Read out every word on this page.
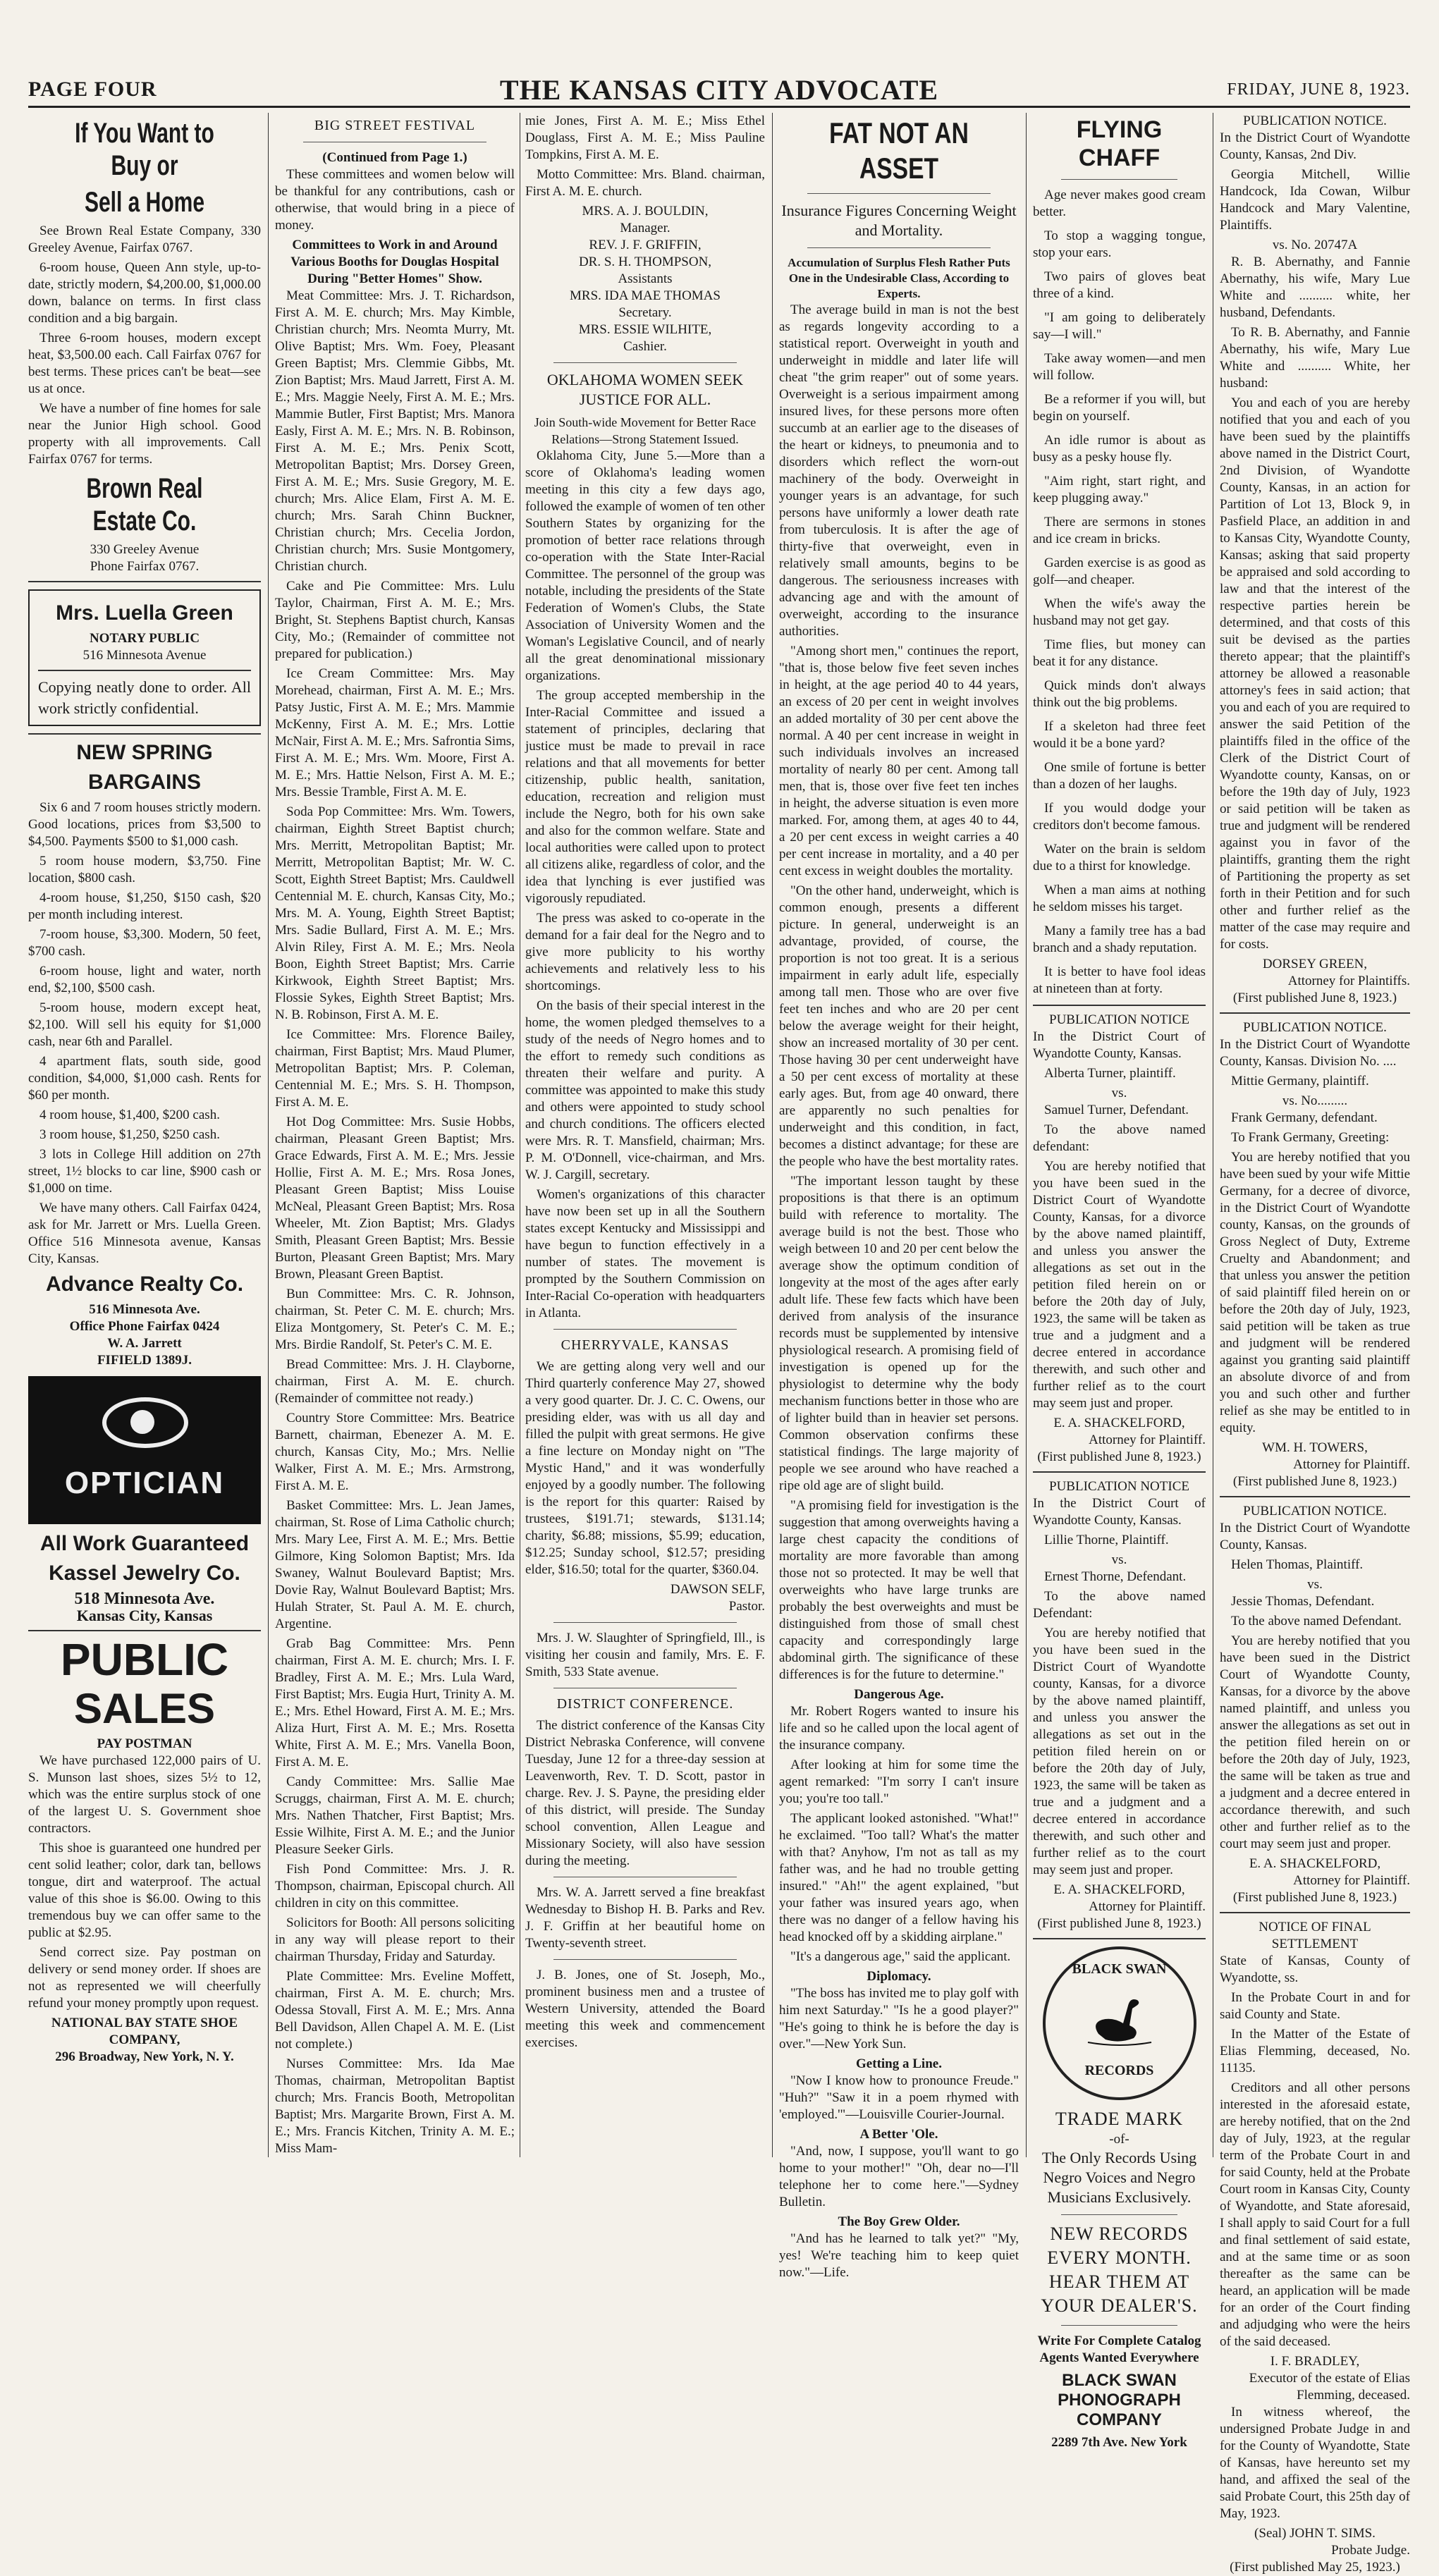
PAGE FOUR	THE KANSAS CITY ADVOCATE	FRIDAY, JUNE 8, 1923.
If You Want to Buy or
Sell a Home

See Brown Real Estate Company, 330 Greeley Avenue, Fairfax 0767.

6-room house, Queen Ann style, up-to-date, strictly modern, $4,200.00, $1,000.00 down, balance on terms. In first class condition and a big bargain.

Three 6-room houses, modern except heat, $3,500.00 each. Call Fairfax 0767 for best terms. These prices can't be beat—see us at once.

We have a number of fine homes for sale near the Junior High school. Good property with all improvements. Call Fairfax 0767 for terms.

Brown Real Estate Co.
330 Greeley Avenue
Phone Fairfax 0767.
Mrs. Luella Green
NOTARY PUBLIC
516 Minnesota Avenue
Copying neatly done to order. All work strictly confidential.
NEW SPRING
BARGAINS

Six 6 and 7 room houses strictly modern. Good locations, prices from $3,500 to $4,500. Payments $500 to $1,000 cash.

5 room house modern, $3,750. Fine location, $800 cash.

4-room house, $1,250, $150 cash, $20 per month including interest.

7-room house, $3,300. Modern, 50 feet, $700 cash.

6-room house, light and water, north end, $2,100, $500 cash.

5-room house, modern except heat, $2,100. Will sell his equity for $1,000 cash, near 6th and Parallel.

4 apartment flats, south side, good condition, $4,000, $1,000 cash. Rents for $60 per month.

4 room house, $1,400, $200 cash.

3 room house, $1,250, $250 cash.

3 lots in College Hill addition on 27th street, 1½ blocks to car line, $900 cash or $1,000 on time.

We have many others. Call Fairfax 0424, ask for Mr. Jarrett or Mrs. Luella Green. Office 516 Minnesota avenue, Kansas City, Kansas.

Advance Realty Co.
516 Minnesota Ave.
Office Phone Fairfax 0424
W. A. Jarrett
FIFIELD 1389J.
OPTICIAN
All Work Guaranteed
Kassel Jewelry Co.
518 Minnesota Ave.
Kansas City, Kansas
PUBLIC
SALES
PAY POSTMAN

We have purchased 122,000 pairs of U. S. Munson last shoes, sizes 5½ to 12, which was the entire surplus stock of one of the largest U. S. Government shoe contractors.

This shoe is guaranteed one hundred per cent solid leather; color, dark tan, bellows tongue, dirt and waterproof. The actual value of this shoe is $6.00. Owing to this tremendous buy we can offer same to the public at $2.95.

Send correct size. Pay postman on delivery or send money order. If shoes are not as represented we will cheerfully refund your money promptly upon request.

NATIONAL BAY STATE SHOE COMPANY,
296 Broadway, New York, N. Y.
BIG STREET FESTIVAL
(Continued from Page 1.)

These committees and women below will be thankful for any contributions, cash or otherwise, that would bring in a piece of money.

Committees to Work in and Around Various Booths for Douglas Hospital During "Better Homes" Show.

Meat Committee: Mrs. J. T. Richardson, First A. M. E. church; Mrs. May Kimble, Christian church; Mrs. Neomta Murry, Mt. Olive Baptist; Mrs. Wm. Foey, Pleasant Green Baptist; Mrs. Clemmie Gibbs, Mt. Zion Baptist; Mrs. Maud Jarrett, First A. M. E.; Mrs. Maggie Neely, First A. M. E.; Mrs. Mammie Butler, First Baptist; Mrs. Manora Easly, First A. M. E.; Mrs. N. B. Robinson, First A. M. E.; Mrs. Penix Scott, Metropolitan Baptist; Mrs. Dorsey Green, First A. M. E.; Mrs. Susie Gregory, M. E. church; Mrs. Alice Elam, First A. M. E. church; Mrs. Sarah Chinn Buckner, Christian church; Mrs. Cecelia Jordon, Christian church; Mrs. Susie Montgomery, Christian church.

Cake and Pie Committee: Mrs. Lulu Taylor, Chairman, First A. M. E.; Mrs. Bright, St. Stephens Baptist church, Kansas City, Mo.; (Remainder of committee not prepared for publication.)

Ice Cream Committee: Mrs. May Morehead, chairman, First A. M. E.; Mrs. Patsy Justic, First A. M. E.; Mrs. Mammie McKenny, First A. M. E.; Mrs. Lottie McNair, First A. M. E.; Mrs. Safrontia Sims, First A. M. E.; Mrs. Wm. Moore, First A. M. E.; Mrs. Hattie Nelson, First A. M. E.; Mrs. Bessie Tramble, First A. M. E.

Soda Pop Committee: Mrs. Wm. Towers, chairman, Eighth Street Baptist church; Mrs. Merritt, Metropolitan Baptist; Mr. Merritt, Metropolitan Baptist; Mr. W. C. Scott, Eighth Street Baptist; Mrs. Cauldwell Centennial M. E. church, Kansas City, Mo.; Mrs. M. A. Young, Eighth Street Baptist; Mrs. Sadie Bullard, First A. M. E.; Mrs. Alvin Riley, First A. M. E.; Mrs. Neola Boon, Eighth Street Baptist; Mrs. Carrie Kirkwook, Eighth Street Baptist; Mrs. Flossie Sykes, Eighth Street Baptist; Mrs. N. B. Robinson, First A. M. E.

Ice Committee: Mrs. Florence Bailey, chairman, First Baptist; Mrs. Maud Plumer, Metropolitan Baptist; Mrs. P. Coleman, Centennial M. E.; Mrs. S. H. Thompson, First A. M. E.

Hot Dog Committee: Mrs. Susie Hobbs, chairman, Pleasant Green Baptist; Mrs. Grace Edwards, First A. M. E.; Mrs. Jessie Hollie, First A. M. E.; Mrs. Rosa Jones, Pleasant Green Baptist; Miss Louise McNeal, Pleasant Green Baptist; Mrs. Rosa Wheeler, Mt. Zion Baptist; Mrs. Gladys Smith, Pleasant Green Baptist; Mrs. Bessie Burton, Pleasant Green Baptist; Mrs. Mary Brown, Pleasant Green Baptist.

Bun Committee: Mrs. C. R. Johnson, chairman, St. Peter C. M. E. church; Mrs. Eliza Montgomery, St. Peter's C. M. E.; Mrs. Birdie Randolf, St. Peter's C. M. E.

Bread Committee: Mrs. J. H. Clayborne, chairman, First A. M. E. church. (Remainder of committee not ready.)

Country Store Committee: Mrs. Beatrice Barnett, chairman, Ebenezer A. M. E. church, Kansas City, Mo.; Mrs. Nellie Walker, First A. M. E.; Mrs. Armstrong, First A. M. E.

Basket Committee: Mrs. L. Jean James, chairman, St. Rose of Lima Catholic church; Mrs. Mary Lee, First A. M. E.; Mrs. Bettie Gilmore, King Solomon Baptist; Mrs. Ida Swaney, Walnut Boulevard Baptist; Mrs. Dovie Ray, Walnut Boulevard Baptist; Mrs. Hulah Strater, St. Paul A. M. E. church, Argentine.

Grab Bag Committee: Mrs. Penn chairman, First A. M. E. church; Mrs. I. F. Bradley, First A. M. E.; Mrs. Lula Ward, First Baptist; Mrs. Eugia Hurt, Trinity A. M. E.; Mrs. Ethel Howard, First A. M. E.; Mrs. Aliza Hurt, First A. M. E.; Mrs. Rosetta White, First A. M. E.; Mrs. Vanella Boon, First A. M. E.

Candy Committee: Mrs. Sallie Mae Scruggs, chairman, First A. M. E. church; Mrs. Nathen Thatcher, First Baptist; Mrs. Essie Wilhite, First A. M. E.; and the Junior Pleasure Seeker Girls.

Fish Pond Committee: Mrs. J. R. Thompson, chairman, Episcopal church. All children in city on this committee.

Solicitors for Booth: All persons soliciting in any way will please report to their chairman Thursday, Friday and Saturday.

Plate Committee: Mrs. Eveline Moffett, chairman, First A. M. E. church; Mrs. Odessa Stovall, First A. M. E.; Mrs. Anna Bell Davidson, Allen Chapel A. M. E. (List not complete.)

Nurses Committee: Mrs. Ida Mae Thomas, chairman, Metropolitan Baptist church; Mrs. Francis Booth, Metropolitan Baptist; Mrs. Margarite Brown, First A. M. E.; Mrs. Francis Kitchen, Trinity A. M. E.; Miss Mam-

mie Jones, First A. M. E.; Miss Ethel Douglass, First A. M. E.; Miss Pauline Tompkins, First A. M. E.

Motto Committee: Mrs. Bland. chairman, First A. M. E. church.

MRS. A. J. BOULDIN,
Manager.
REV. J. F. GRIFFIN,
DR. S. H. THOMPSON,
Assistants
MRS. IDA MAE THOMAS
Secretary.
MRS. ESSIE WILHITE,
Cashier.
OKLAHOMA WOMEN SEEK JUSTICE FOR ALL.
Join South-wide Movement for Better Race Relations—Strong Statement Issued.

Oklahoma City, June 5.—More than a score of Oklahoma's leading women meeting in this city a few days ago, followed the example of women of ten other Southern States by organizing for the promotion of better race relations through co-operation with the State Inter-Racial Committee. The personnel of the group was notable, including the presidents of the State Federation of Women's Clubs, the State Association of University Women and the Woman's Legislative Council, and of nearly all the great denominational missionary organizations.

The group accepted membership in the Inter-Racial Committee and issued a statement of principles, declaring that justice must be made to prevail in race relations and that all movements for better citizenship, public health, sanitation, education, recreation and religion must include the Negro, both for his own sake and also for the common welfare. State and local authorities were called upon to protect all citizens alike, regardless of color, and the idea that lynching is ever justified was vigorously repudiated.

The press was asked to co-operate in the demand for a fair deal for the Negro and to give more publicity to his worthy achievements and relatively less to his shortcomings.

On the basis of their special interest in the home, the women pledged themselves to a study of the needs of Negro homes and to the effort to remedy such conditions as threaten their welfare and purity. A committee was appointed to make this study and others were appointed to study school and church conditions. The officers elected were Mrs. R. T. Mansfield, chairman; Mrs. P. M. O'Donnell, vice-chairman, and Mrs. W. J. Cargill, secretary.

Women's organizations of this character have now been set up in all the Southern states except Kentucky and Mississippi and have begun to function effectively in a number of states. The movement is prompted by the Southern Commission on Inter-Racial Co-operation with headquarters in Atlanta.

CHERRYVALE, KANSAS

We are getting along very well and our Third quarterly conference May 27, showed a very good quarter. Dr. J. C. C. Owens, our presiding elder, was with us all day and filled the pulpit with great sermons. He give a fine lecture on Monday night on "The Mystic Hand," and it was wonderfully enjoyed by a goodly number. The following is the report for this quarter: Raised by trustees, $191.71; stewards, $131.14; charity, $6.88; missions, $5.99; education, $12.25; Sunday school, $12.57; presiding elder, $16.50; total for the quarter, $360.04.

DAWSON SELF,
Pastor.

Mrs. J. W. Slaughter of Springfield, Ill., is visiting her cousin and family, Mrs. E. F. Smith, 533 State avenue.

DISTRICT CONFERENCE.

The district conference of the Kansas City District Nebraska Conference, will convene Tuesday, June 12 for a three-day session at Leavenworth, Rev. T. D. Scott, pastor in charge. Rev. J. S. Payne, the presiding elder of this district, will preside. The Sunday school convention, Allen League and Missionary Society, will also have session during the meeting.

Mrs. W. A. Jarrett served a fine breakfast Wednesday to Bishop H. B. Parks and Rev. J. F. Griffin at her beautiful home on Twenty-seventh street.

J. B. Jones, one of St. Joseph, Mo., prominent business men and a trustee of Western University, attended the Board meeting this week and commencement exercises.

FAT NOT AN ASSET
Insurance Figures Concerning Weight and Mortality.
Accumulation of Surplus Flesh Rather Puts One in the Undesirable Class, According to Experts.

The average build in man is not the best as regards longevity according to a statistical report. Overweight in youth and underweight in middle and later life will cheat "the grim reaper" out of some years. Overweight is a serious impairment among insured lives, for these persons more often succumb at an earlier age to the diseases of the heart or kidneys, to pneumonia and to disorders which reflect the worn-out machinery of the body. Overweight in younger years is an advantage, for such persons have uniformly a lower death rate from tuberculosis. It is after the age of thirty-five that overweight, even in relatively small amounts, begins to be dangerous. The seriousness increases with advancing age and with the amount of overweight, according to the insurance authorities.

"Among short men," continues the report, "that is, those below five feet seven inches in height, at the age period 40 to 44 years, an excess of 20 per cent in weight involves an added mortality of 30 per cent above the normal. A 40 per cent increase in weight in such individuals involves an increased mortality of nearly 80 per cent. Among tall men, that is, those over five feet ten inches in height, the adverse situation is even more marked. For, among them, at ages 40 to 44, a 20 per cent excess in weight carries a 40 per cent increase in mortality, and a 40 per cent excess in weight doubles the mortality.

"On the other hand, underweight, which is common enough, presents a different picture. In general, underweight is an advantage, provided, of course, the proportion is not too great. It is a serious impairment in early adult life, especially among tall men. Those who are over five feet ten inches and who are 20 per cent below the average weight for their height, show an increased mortality of 30 per cent. Those having 30 per cent underweight have a 50 per cent excess of mortality at these early ages. But, from age 40 onward, there are apparently no such penalties for underweight and this condition, in fact, becomes a distinct advantage; for these are the people who have the best mortality rates.

"The important lesson taught by these propositions is that there is an optimum build with reference to mortality. The average build is not the best. Those who weigh between 10 and 20 per cent below the average show the optimum condition of longevity at the most of the ages after early adult life. These few facts which have been derived from analysis of the insurance records must be supplemented by intensive physiological research. A promising field of investigation is opened up for the physiologist to determine why the body mechanism functions better in those who are of lighter build than in heavier set persons. Common observation confirms these statistical findings. The large majority of people we see around who have reached a ripe old age are of slight build.

"A promising field for investigation is the suggestion that among overweights having a large chest capacity the conditions of mortality are more favorable than among those not so protected. It may be well that overweights who have large trunks are probably the best overweights and must be distinguished from those of small chest capacity and correspondingly large abdominal girth. The significance of these differences is for the future to determine."

Dangerous Age.

Mr. Robert Rogers wanted to insure his life and so he called upon the local agent of the insurance company.

After looking at him for some time the agent remarked: "I'm sorry I can't insure you; you're too tall."

The applicant looked astonished. "What!" he exclaimed. "Too tall? What's the matter with that? Anyhow, I'm not as tall as my father was, and he had no trouble getting insured." "Ah!" the agent explained, "but your father was insured years ago, when there was no danger of a fellow having his head knocked off by a skidding airplane."

"It's a dangerous age," said the applicant.

Diplomacy.

"The boss has invited me to play golf with him next Saturday." "Is he a good player?" "He's going to think he is before the day is over."—New York Sun.

Getting a Line.

"Now I know how to pronounce Freude." "Huh?" "Saw it in a poem rhymed with 'employed.'"—Louisville Courier-Journal.

A Better 'Ole.

"And, now, I suppose, you'll want to go home to your mother!" "Oh, dear no—I'll telephone her to come here."—Sydney Bulletin.

The Boy Grew Older.

"And has he learned to talk yet?" "My, yes! We're teaching him to keep quiet now."—Life.

FLYING CHAFF

Age never makes good cream better.

To stop a wagging tongue, stop your ears.

Two pairs of gloves beat three of a kind.

"I am going to deliberately say—I will."

Take away women—and men will follow.

Be a reformer if you will, but begin on yourself.

An idle rumor is about as busy as a pesky house fly.

"Aim right, start right, and keep plugging away."

There are sermons in stones and ice cream in bricks.

Garden exercise is as good as golf—and cheaper.

When the wife's away the husband may not get gay.

Time flies, but money can beat it for any distance.

Quick minds don't always think out the big problems.

If a skeleton had three feet would it be a bone yard?

One smile of fortune is better than a dozen of her laughs.

If you would dodge your creditors don't become famous.

Water on the brain is seldom due to a thirst for knowledge.

When a man aims at nothing he seldom misses his target.

Many a family tree has a bad branch and a shady reputation.

It is better to have fool ideas at nineteen than at forty.

PUBLICATION NOTICE

In the District Court of Wyandotte County, Kansas.

Alberta Turner, plaintiff.

vs.

Samuel Turner, Defendant.

To the above named defendant:

You are hereby notified that you have been sued in the District Court of Wyandotte County, Kansas, for a divorce by the above named plaintiff, and unless you answer the allegations as set out in the petition filed herein on or before the 20th day of July, 1923, the same will be taken as true and a judgment and a decree entered in accordance therewith, and such other and further relief as to the court may seem just and proper.

E. A. SHACKELFORD,
Attorney for Plaintiff.
(First published June 8, 1923.)
PUBLICATION NOTICE

In the District Court of Wyandotte County, Kansas.

Lillie Thorne, Plaintiff.

vs.

Ernest Thorne, Defendant.

To the above named Defendant:

You are hereby notified that you have been sued in the District Court of Wyandotte county, Kansas, for a divorce by the above named plaintiff, and unless you answer the allegations as set out in the petition filed herein on or before the 20th day of July, 1923, the same will be taken as true and a judgment and a decree entered in accordance therewith, and such other and further relief as to the court may seem just and proper.

E. A. SHACKELFORD,
Attorney for Plaintiff.
(First published June 8, 1923.)
BLACK SWAN
RECORDS
TRADE MARK
-of-
The Only Records Using Negro Voices and Negro Musicians Exclusively.
NEW RECORDS EVERY MONTH. HEAR THEM AT YOUR DEALER'S.
Write For Complete Catalog
Agents Wanted Everywhere
BLACK SWAN PHONOGRAPH COMPANY
2289 7th Ave. New York
PUBLICATION NOTICE.

In the District Court of Wyandotte County, Kansas, 2nd Div.

Georgia Mitchell, Willie Handcock, Ida Cowan, Wilbur Handcock and Mary Valentine, Plaintiffs.

vs. No. 20747A

R. B. Abernathy, and Fannie Abernathy, his wife, Mary Lue White and .......... white, her husband, Defendants.

To R. B. Abernathy, and Fannie Abernathy, his wife, Mary Lue White and .......... White, her husband:

You and each of you are hereby notified that you and each of you have been sued by the plaintiffs above named in the District Court, 2nd Division, of Wyandotte County, Kansas, in an action for Partition of Lot 13, Block 9, in Pasfield Place, an addition in and to Kansas City, Wyandotte County, Kansas; asking that said property be appraised and sold according to law and that the interest of the respective parties herein be determined, and that costs of this suit be devised as the parties thereto appear; that the plaintiff's attorney be allowed a reasonable attorney's fees in said action; that you and each of you are required to answer the said Petition of the plaintiffs filed in the office of the Clerk of the District Court of Wyandotte county, Kansas, on or before the 19th day of July, 1923 or said petition will be taken as true and judgment will be rendered against you in favor of the plaintiffs, granting them the right of Partitioning the property as set forth in their Petition and for such other and further relief as the matter of the case may require and for costs.

DORSEY GREEN,
Attorney for Plaintiffs.
(First published June 8, 1923.)
PUBLICATION NOTICE.

In the District Court of Wyandotte County, Kansas. Division No. ....

Mittie Germany, plaintiff.

vs. No.........

Frank Germany, defendant.

To Frank Germany, Greeting:

You are hereby notified that you have been sued by your wife Mittie Germany, for a decree of divorce, in the District Court of Wyandotte county, Kansas, on the grounds of Gross Neglect of Duty, Extreme Cruelty and Abandonment; and that unless you answer the petition of said plaintiff filed herein on or before the 20th day of July, 1923, said petition will be taken as true and judgment will be rendered against you granting said plaintiff an absolute divorce of and from you and such other and further relief as she may be entitled to in equity.

WM. H. TOWERS,
Attorney for Plaintiff.
(First published June 8, 1923.)
PUBLICATION NOTICE.

In the District Court of Wyandotte County, Kansas.

Helen Thomas, Plaintiff.

vs.

Jessie Thomas, Defendant.

To the above named Defendant.

You are hereby notified that you have been sued in the District Court of Wyandotte County, Kansas, for a divorce by the above named plaintiff, and unless you answer the allegations as set out in the petition filed herein on or before the 20th day of July, 1923, the same will be taken as true and a judgment and a decree entered in accordance therewith, and such other and further relief as to the court may seem just and proper.

E. A. SHACKELFORD,
Attorney for Plaintiff.
(First published June 8, 1923.)
NOTICE OF FINAL SETTLEMENT

State of Kansas, County of Wyandotte, ss.

In the Probate Court in and for said County and State.

In the Matter of the Estate of Elias Flemming, deceased, No. 11135.

Creditors and all other persons interested in the aforesaid estate, are hereby notified, that on the 2nd day of July, 1923, at the regular term of the Probate Court in and for said County, held at the Probate Court room in Kansas City, County of Wyandotte, and State aforesaid, I shall apply to said Court for a full and final settlement of said estate, and at the same time or as soon thereafter as the same can be heard, an application will be made for an order of the Court finding and adjudging who were the heirs of the said deceased.

I. F. BRADLEY,
Executor of the estate of Elias Flemming, deceased.

In witness whereof, the undersigned Probate Judge in and for the County of Wyandotte, State of Kansas, have hereunto set my hand, and affixed the seal of the said Probate Court, this 25th day of May, 1923.

(Seal) JOHN T. SIMS.
Probate Judge.
(First published May 25, 1923.)
